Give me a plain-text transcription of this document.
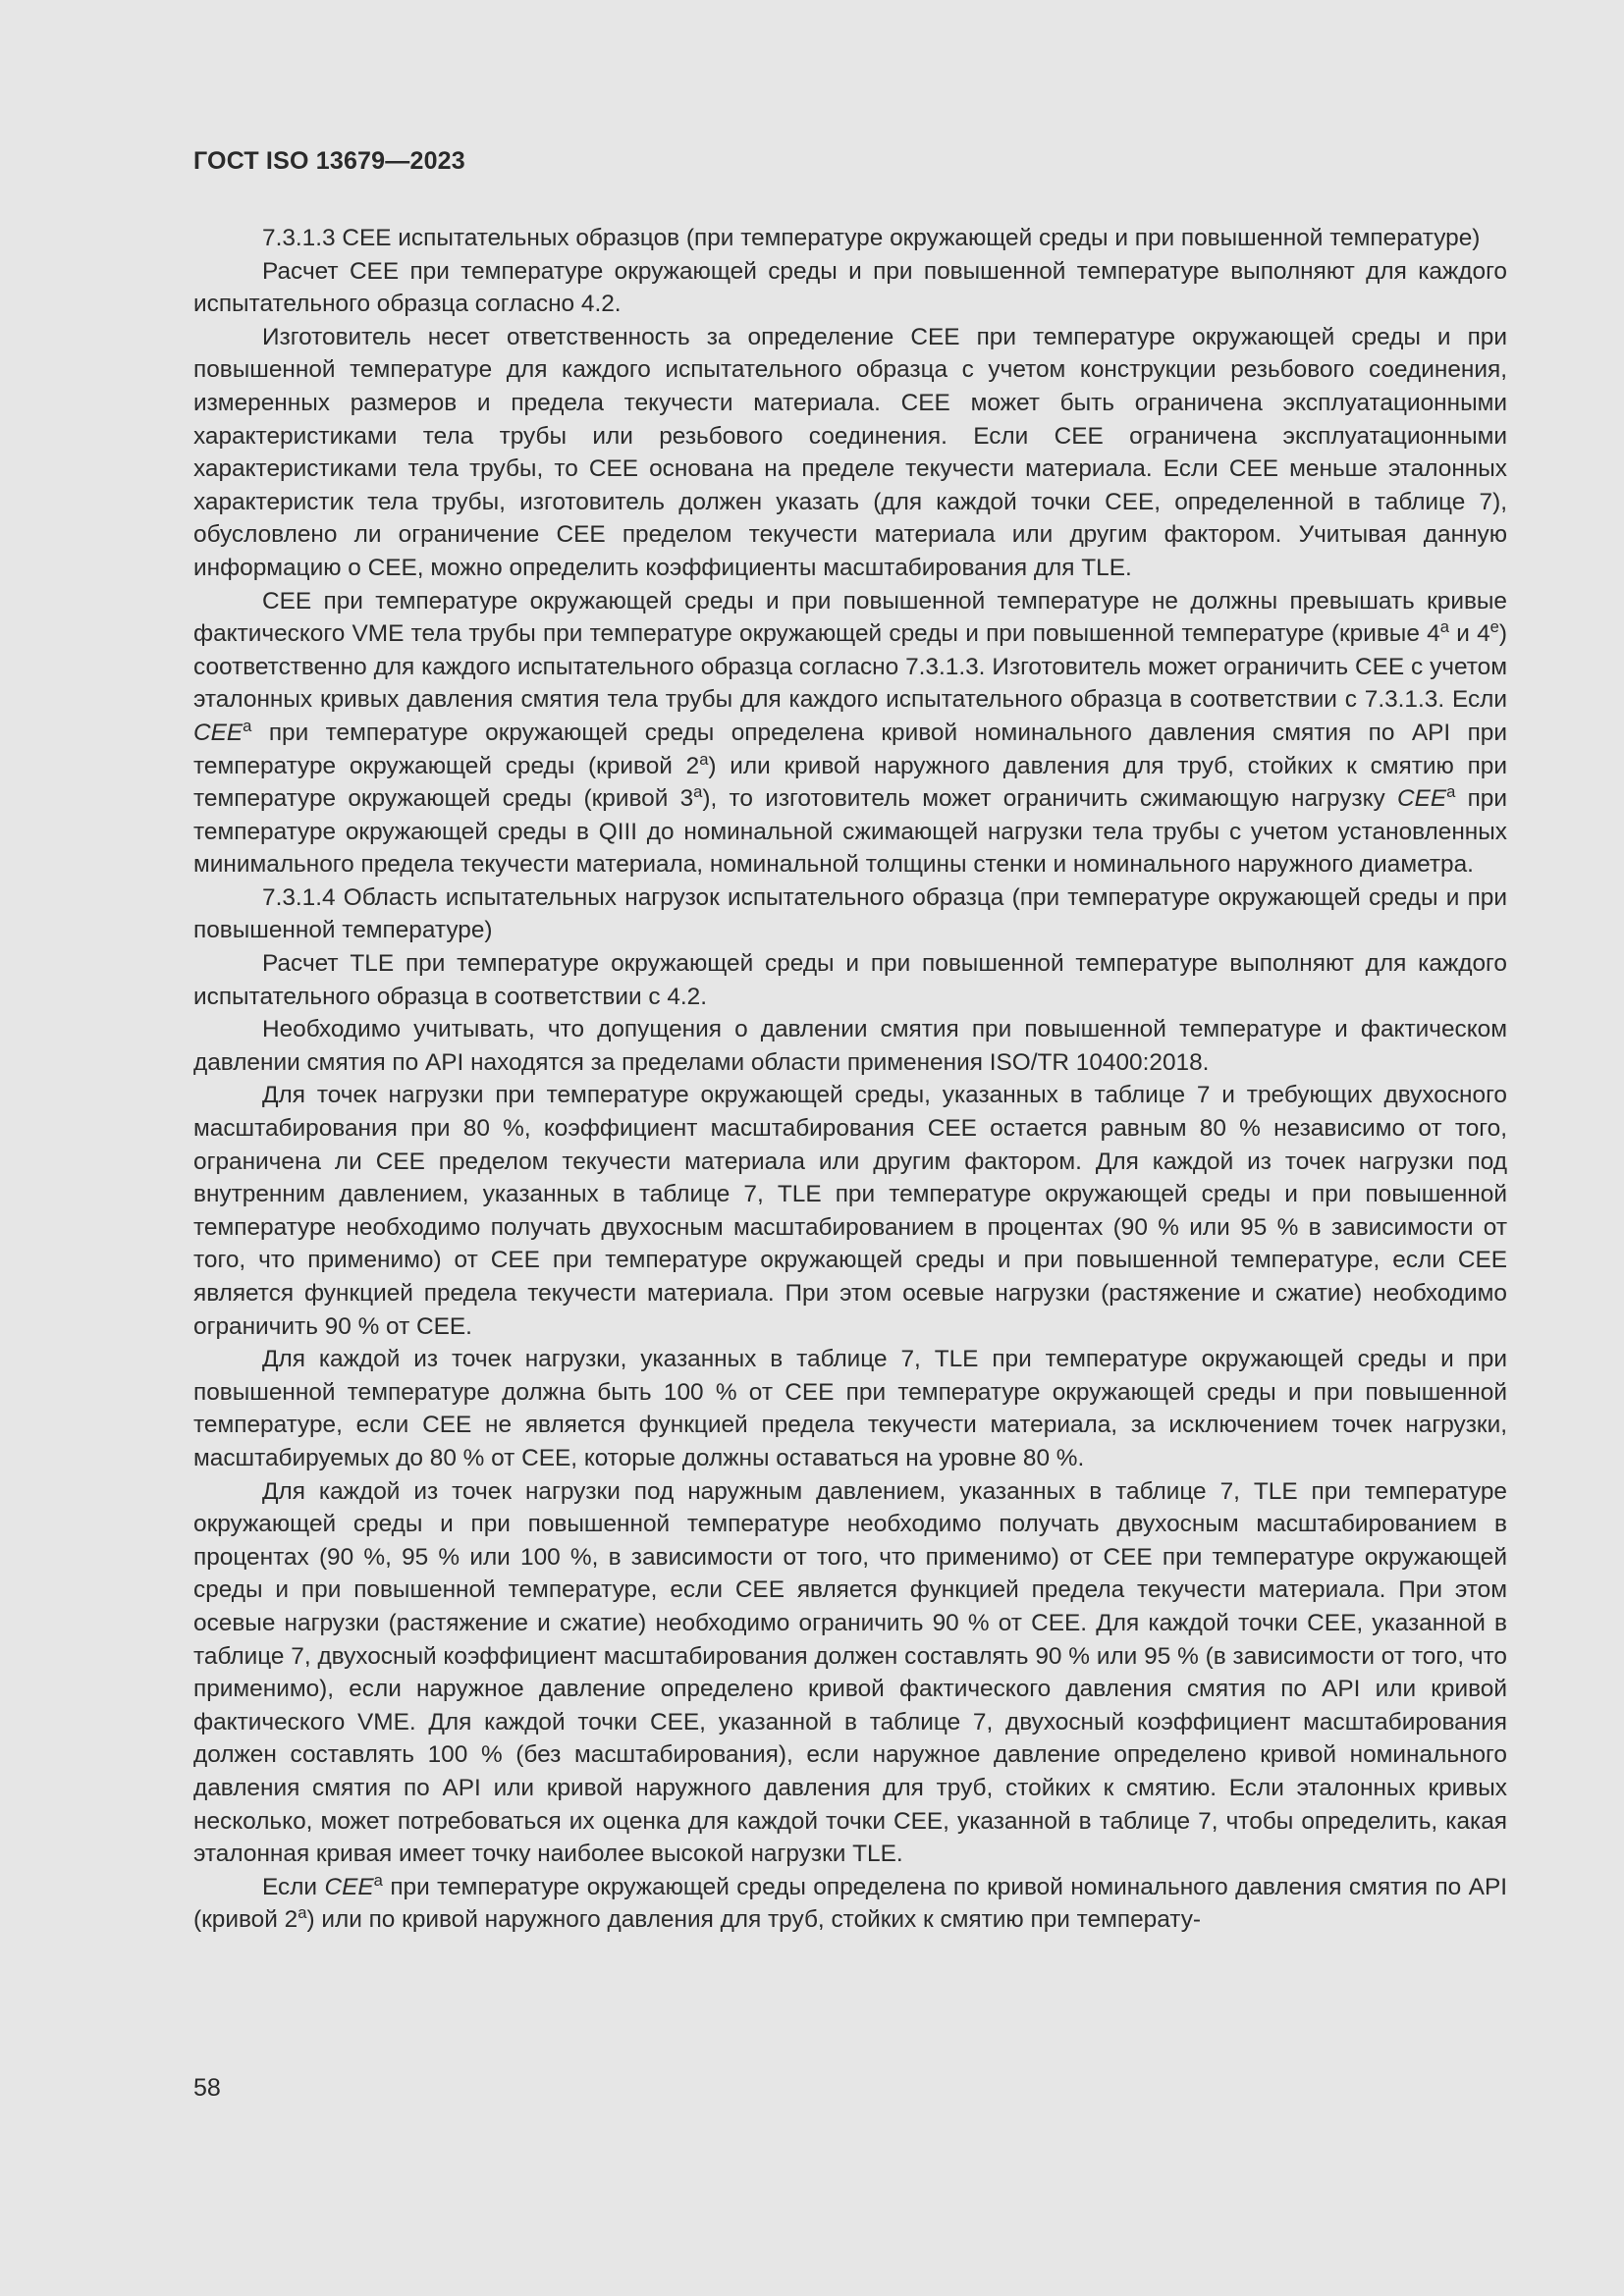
ГОСТ ISO 13679—2023

7.3.1.3 CEE испытательных образцов (при температуре окружающей среды и при повышенной температуре)

Расчет CEE при температуре окружающей среды и при повышенной температуре выполняют для каждого испытательного образца согласно 4.2.

Изготовитель несет ответственность за определение CEE при температуре окружающей среды и при повышенной температуре для каждого испытательного образца с учетом конструкции резьбового соединения, измеренных размеров и предела текучести материала. CEE может быть ограничена эксплуатационными характеристиками тела трубы или резьбового соединения. Если CEE ограничена эксплуатационными характеристиками тела трубы, то CEE основана на пределе текучести материала. Если CEE меньше эталонных характеристик тела трубы, изготовитель должен указать (для каждой точки CEE, определенной в таблице 7), обусловлено ли ограничение CEE пределом текучести материала или другим фактором. Учитывая данную информацию о CEE, можно определить коэффициенты масштабирования для TLE.

CEE при температуре окружающей среды и при повышенной температуре не должны превышать кривые фактического VME тела трубы при температуре окружающей среды и при повышенной температуре (кривые 4$^a$ и 4e) соответственно для каждого испытательного образца согласно 7.3.1.3. Изготовитель может ограничить CEE с учетом эталонных кривых давления смятия тела трубы для каждого испытательного образца в соответствии с 7.3.1.3. Если CEE$^a$ при температуре окружающей среды определена кривой номинального давления смятия по API при температуре окружающей среды (кривой 2$^a$) или кривой наружного давления для труб, стойких к смятию при температуре окружающей среды (кривой 3$^a$), то изготовитель может ограничить сжимающую нагрузку CEE$^a$ при температуре окружающей среды в QIII до номинальной сжимающей нагрузки тела трубы с учетом установленных минимального предела текучести материала, номинальной толщины стенки и номинального наружного диаметра.

7.3.1.4 Область испытательных нагрузок испытательного образца (при температуре окружающей среды и при повышенной температуре)

Расчет TLE при температуре окружающей среды и при повышенной температуре выполняют для каждого испытательного образца в соответствии с 4.2.

Необходимо учитывать, что допущения о давлении смятия при повышенной температуре и фактическом давлении смятия по API находятся за пределами области применения ISO/TR 10400:2018.

Для точек нагрузки при температуре окружающей среды, указанных в таблице 7 и требующих двухосного масштабирования при 80 %, коэффициент масштабирования CEE остается равным 80 % независимо от того, ограничена ли CEE пределом текучести материала или другим фактором. Для каждой из точек нагрузки под внутренним давлением, указанных в таблице 7, TLE при температуре окружающей среды и при повышенной температуре необходимо получать двухосным масштабированием в процентах (90 % или 95 % в зависимости от того, что применимо) от CEE при температуре окружающей среды и при повышенной температуре, если CEE является функцией предела текучести материала. При этом осевые нагрузки (растяжение и сжатие) необходимо ограничить 90 % от CEE.

Для каждой из точек нагрузки, указанных в таблице 7, TLE при температуре окружающей среды и при повышенной температуре должна быть 100 % от CEE при температуре окружающей среды и при повышенной температуре, если CEE не является функцией предела текучести материала, за исключением точек нагрузки, масштабируемых до 80 % от CEE, которые должны оставаться на уровне 80 %.

Для каждой из точек нагрузки под наружным давлением, указанных в таблице 7, TLE при температуре окружающей среды и при повышенной температуре необходимо получать двухосным масштабированием в процентах (90 %, 95 % или 100 %, в зависимости от того, что применимо) от CEE при температуре окружающей среды и при повышенной температуре, если CEE является функцией предела текучести материала. При этом осевые нагрузки (растяжение и сжатие) необходимо ограничить 90 % от CEE. Для каждой точки CEE, указанной в таблице 7, двухосный коэффициент масштабирования должен составлять 90 % или 95 % (в зависимости от того, что применимо), если наружное давление определено кривой фактического давления смятия по API или кривой фактического VME. Для каждой точки CEE, указанной в таблице 7, двухосный коэффициент масштабирования должен составлять 100 % (без масштабирования), если наружное давление определено кривой номинального давления смятия по API или кривой наружного давления для труб, стойких к смятию. Если эталонных кривых несколько, может потребоваться их оценка для каждой точки CEE, указанной в таблице 7, чтобы определить, какая эталонная кривая имеет точку наиболее высокой нагрузки TLE.

Если CEE$^a$ при температуре окружающей среды определена по кривой номинального давления смятия по API (кривой 2$^a$) или по кривой наружного давления для труб, стойких к смятию при температу-

58
